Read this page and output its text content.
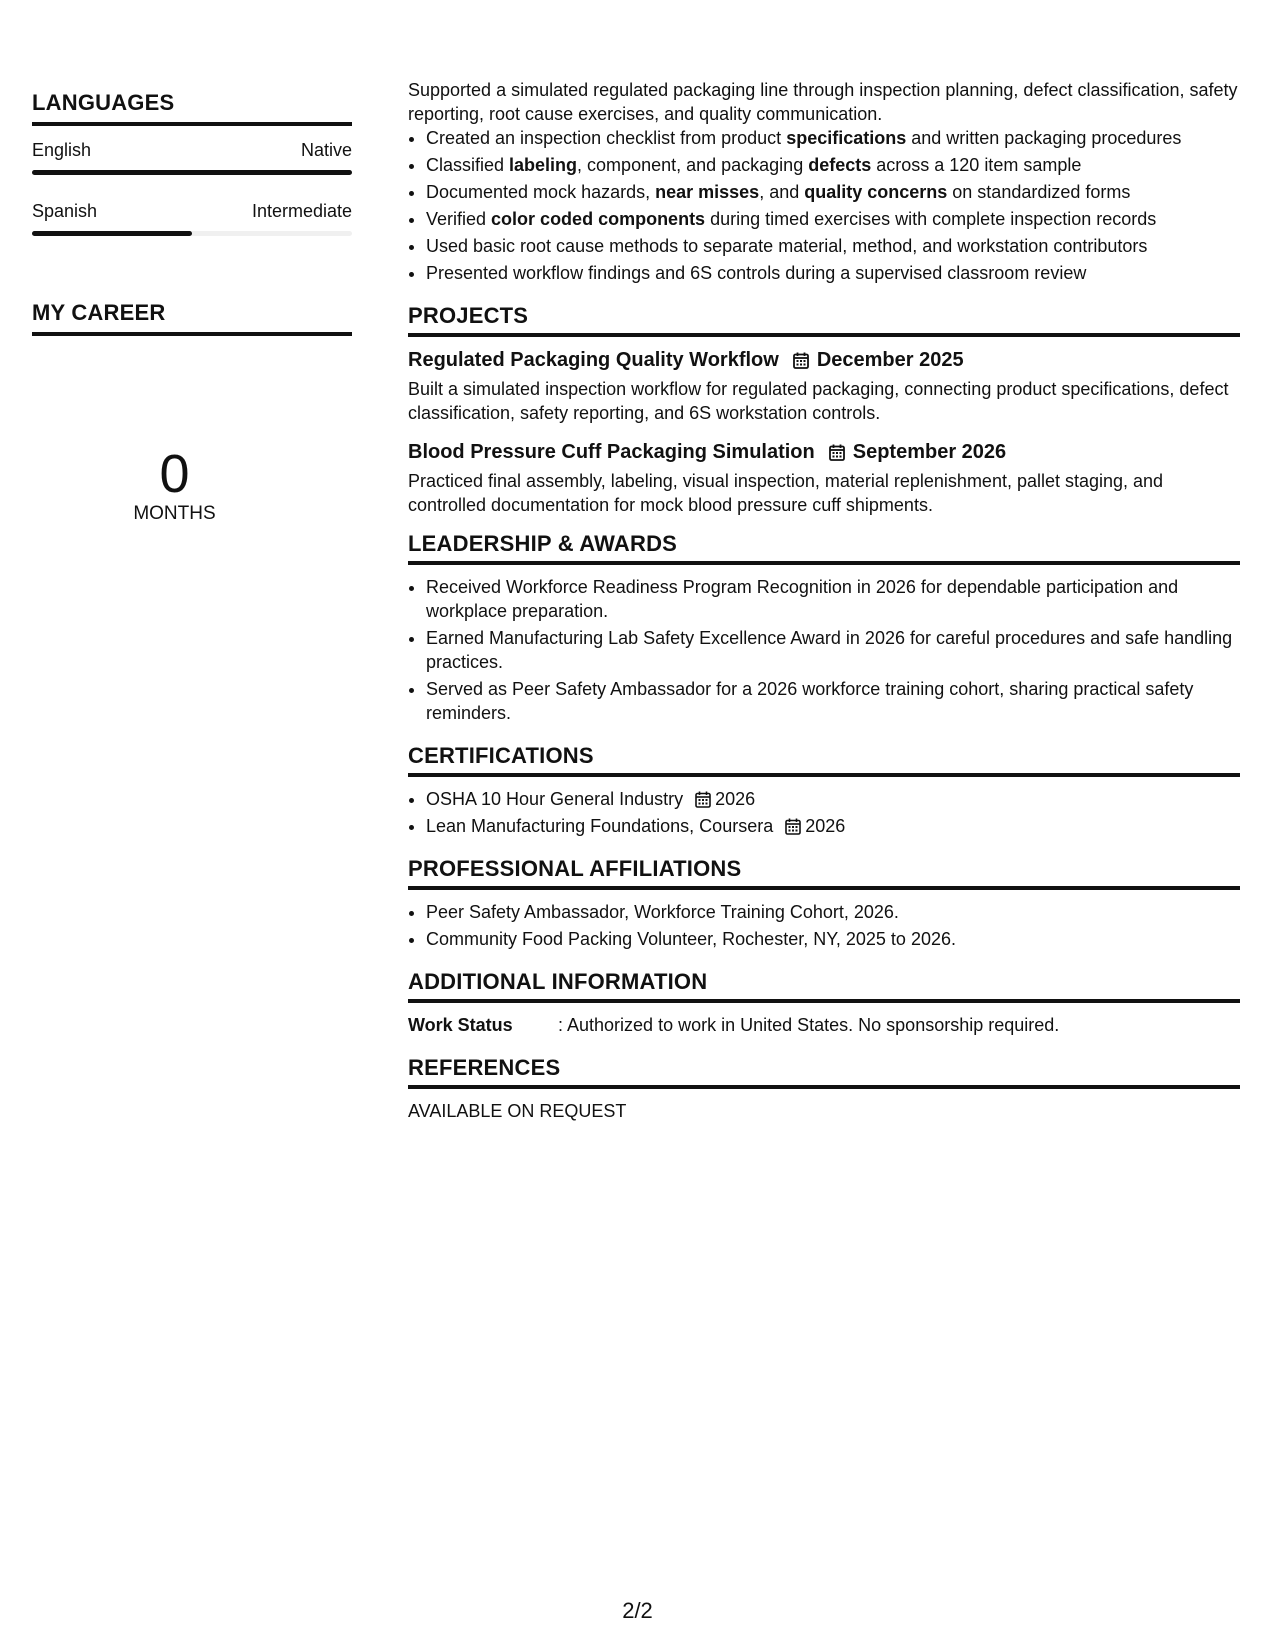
LANGUAGES
English	Native
Spanish	Intermediate
MY CAREER
0
MONTHS

Supported a simulated regulated packaging line through inspection planning, defect classification, safety reporting, root cause exercises, and quality communication.

• Created an inspection checklist from product specifications and written packaging procedures
• Classified labeling, component, and packaging defects across a 120 item sample
• Documented mock hazards, near misses, and quality concerns on standardized forms
• Verified color coded components during timed exercises with complete inspection records
• Used basic root cause methods to separate material, method, and workstation contributors
• Presented workflow findings and 6S controls during a supervised classroom review
PROJECTS
Regulated Packaging Quality Workflow December 2025

Built a simulated inspection workflow for regulated packaging, connecting product specifications, defect classification, safety reporting, and 6S workstation controls.

Blood Pressure Cuff Packaging Simulation September 2026

Practiced final assembly, labeling, visual inspection, material replenishment, pallet staging, and controlled documentation for mock blood pressure cuff shipments.

LEADERSHIP & AWARDS
• Received Workforce Readiness Program Recognition in 2026 for dependable participation and workplace preparation.
• Earned Manufacturing Lab Safety Excellence Award in 2026 for careful procedures and safe handling practices.
• Served as Peer Safety Ambassador for a 2026 workforce training cohort, sharing practical safety reminders.
CERTIFICATIONS
• OSHA 10 Hour General Industry 2026
• Lean Manufacturing Foundations, Coursera 2026
PROFESSIONAL AFFILIATIONS
• Peer Safety Ambassador, Workforce Training Cohort, 2026.
• Community Food Packing Volunteer, Rochester, NY, 2025 to 2026.
ADDITIONAL INFORMATION
Work Status	: Authorized to work in United States. No sponsorship required.
REFERENCES

AVAILABLE ON REQUEST

2/2
